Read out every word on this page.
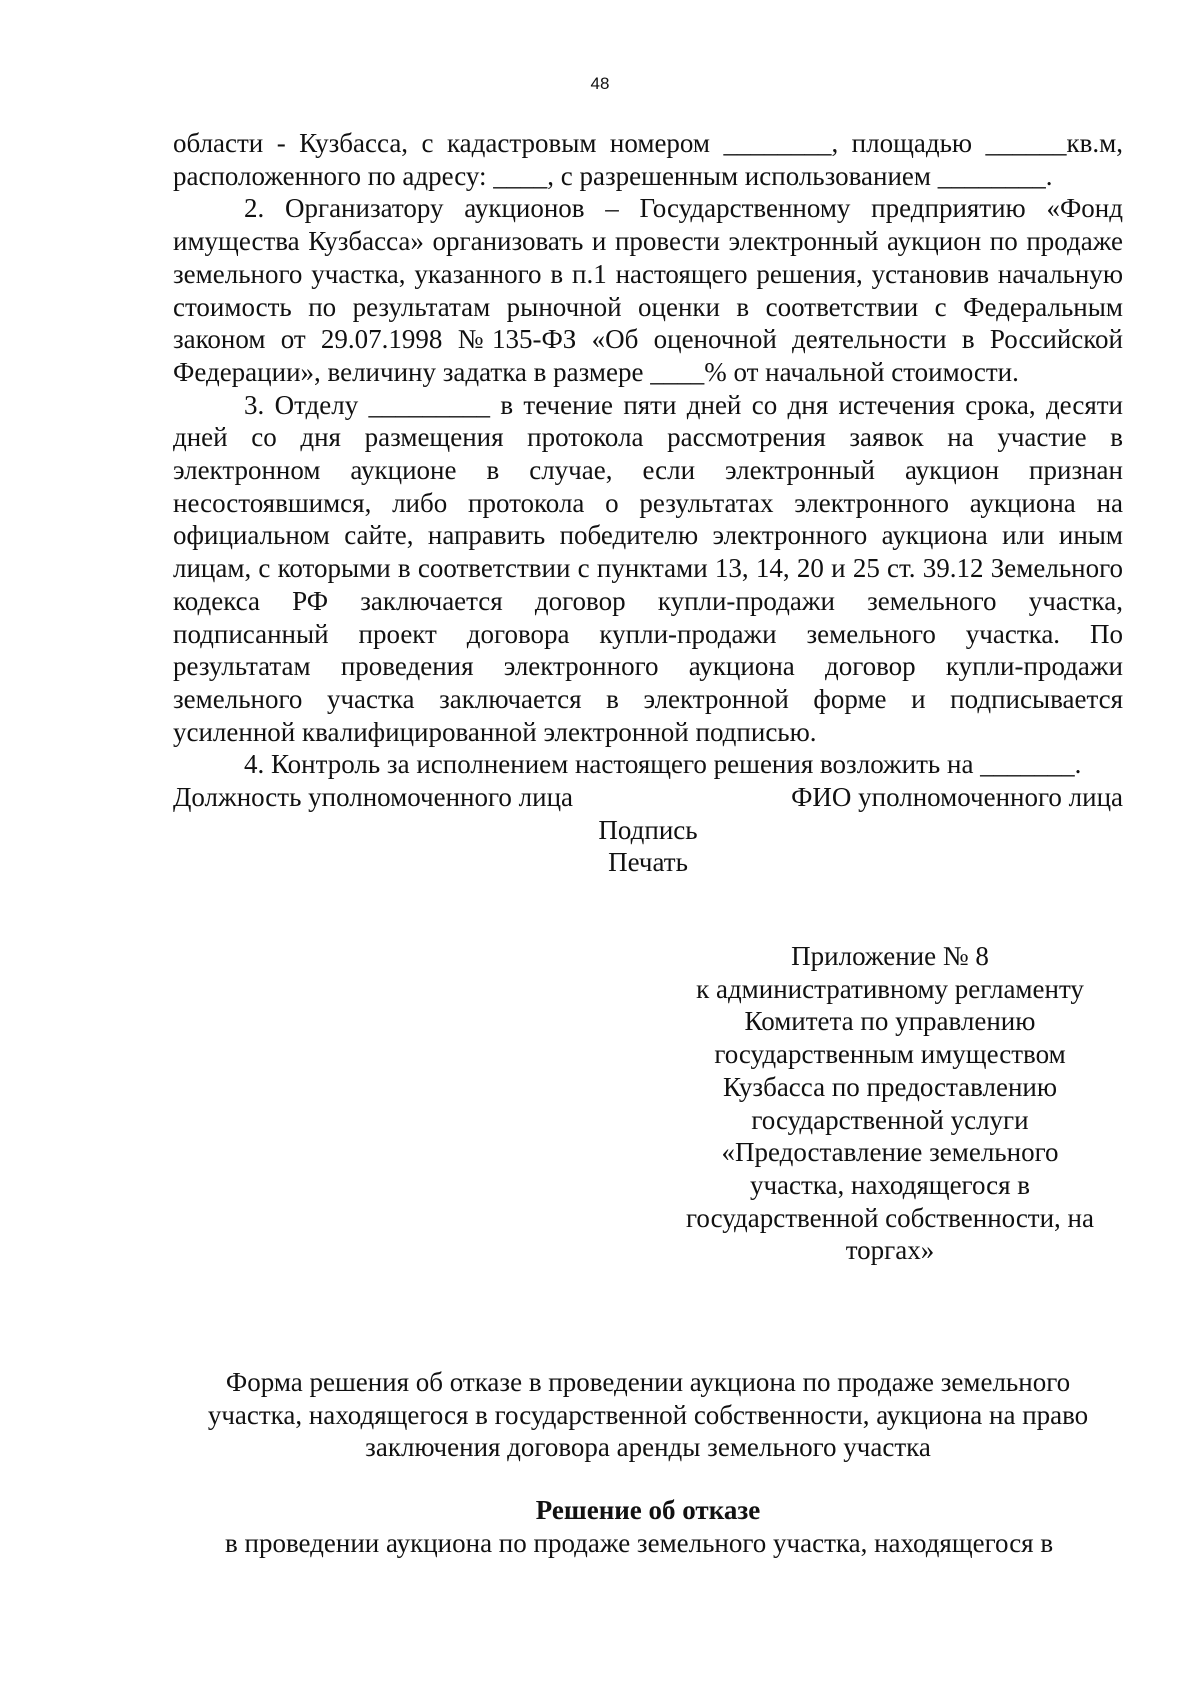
48

области - Кузбасса, с кадастровым номером ________, площадью ______кв.м, расположенного по адресу: ____, с разрешенным использованием ________.

2. Организатору аукционов – Государственному предприятию «Фонд имущества Кузбасса» организовать и провести электронный аукцион по продаже земельного участка, указанного в п.1 настоящего решения, установив начальную стоимость по результатам рыночной оценки в соответствии с Федеральным законом от 29.07.1998 №135-ФЗ «Об оценочной деятельности в Российской Федерации», величину задатка в размере ____% от начальной стоимости.

3. Отделу _________ в течение пяти дней со дня истечения срока, десяти дней со дня размещения протокола рассмотрения заявок на участие в электронном аукционе в случае, если электронный аукцион признан несостоявшимся, либо протокола о результатах электронного аукциона на официальном сайте, направить победителю электронного аукциона или иным лицам, с которыми в соответствии с пунктами 13, 14, 20 и 25 ст. 39.12 Земельного кодекса РФ заключается договор купли-продажи земельного участка, подписанный проект договора купли-продажи земельного участка. По результатам проведения электронного аукциона договор купли-продажи земельного участка заключается в электронной форме и подписывается усиленной квалифицированной электронной подписью.

4. Контроль за исполнением настоящего решения возложить на _______.

Должность уполномоченного лица	ФИО уполномоченного лица

Подпись

Печать

Приложение № 8

к административному регламенту

Комитета по управлению

государственным имуществом

Кузбасса по предоставлению

государственной услуги

«Предоставление земельного

участка, находящегося в

государственной собственности, на

торгах»

Форма решения об отказе в проведении аукциона по продаже земельного

участка, находящегося в государственной собственности, аукциона на право

заключения договора аренды земельного участка

Решение об отказе
в проведении аукциона по продаже земельного участка, находящегося в
